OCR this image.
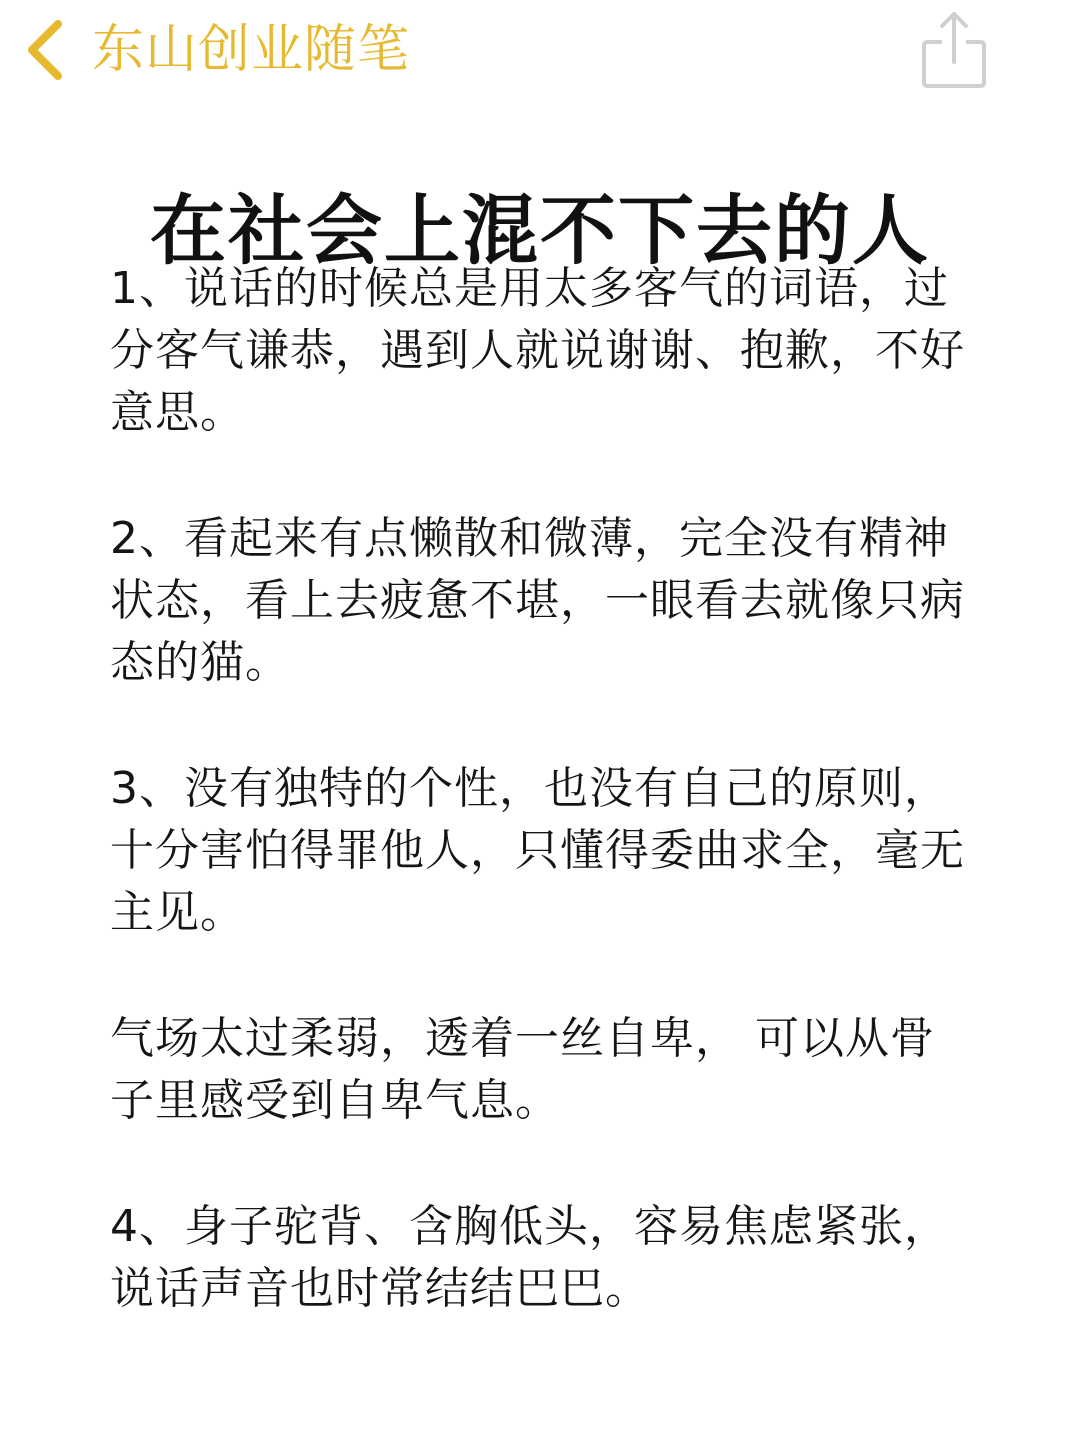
东山创业随笔
在社会上混不下去的人

1、说话的时候总是用太多客气的词语，过分客气谦恭，遇到人就说谢谢、抱歉，不好意思。

2、看起来有点懒散和微薄，完全没有精神状态，看上去疲惫不堪，一眼看去就像只病态的猫。

3、没有独特的个性，也没有自己的原则，十分害怕得罪他人，只懂得委曲求全，毫无主见。

气场太过柔弱，透着一丝自卑， 可以从骨子里感受到自卑气息。

4、身子驼背、含胸低头，容易焦虑紧张，说话声音也时常结结巴巴。
